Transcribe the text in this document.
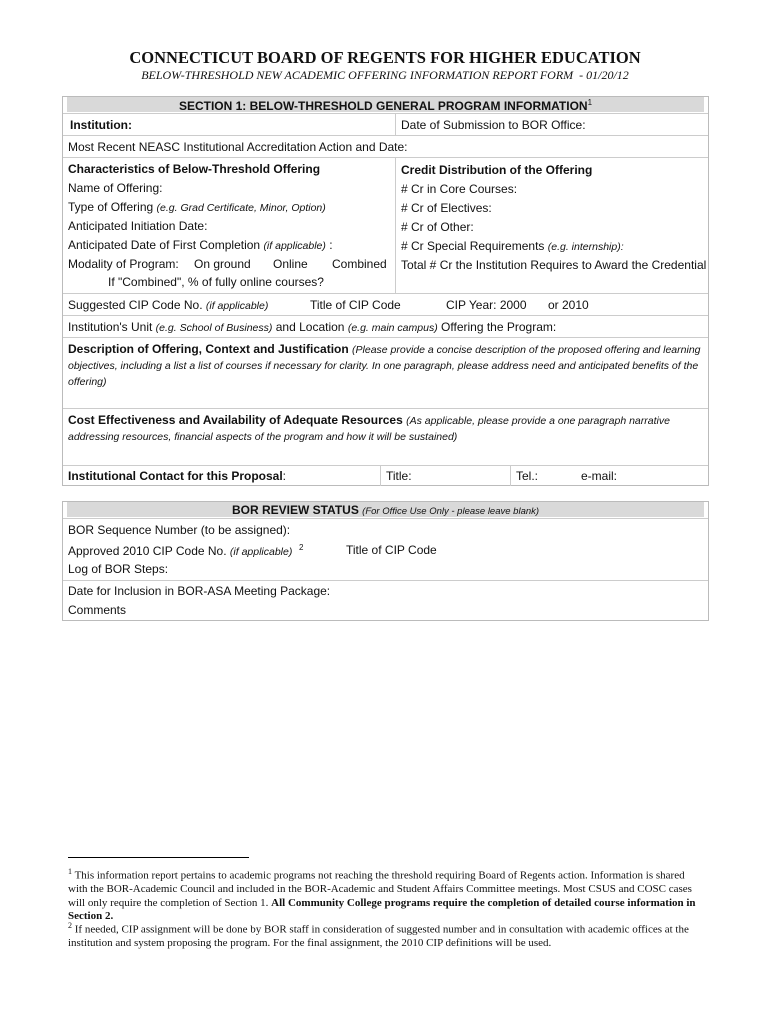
CONNECTICUT BOARD OF REGENTS FOR HIGHER EDUCATION
BELOW-THRESHOLD NEW ACADEMIC OFFERING INFORMATION REPORT FORM - 01/20/12
SECTION 1: BELOW-THRESHOLD GENERAL PROGRAM INFORMATION$^1$
Institution:	Date of Submission to BOR Office:
Most Recent NEASC Institutional Accreditation Action and Date:
Characteristics of Below-Threshold Offering
Name of Offering:
Type of Offering (e.g. Grad Certificate, Minor, Option)
Anticipated Initiation Date:
Anticipated Date of First Completion (if applicable) :
Modality of Program: On ground Online Combined
If "Combined", % of fully online courses?
Credit Distribution of the Offering
# Cr in Core Courses:
# Cr of Electives:
# Cr of Other:
# Cr Special Requirements (e.g. internship):
Total # Cr the Institution Requires to Award the Credential
Suggested CIP Code No. (if applicable)	Title of CIP Code	CIP Year: 2000 or 2010
Institution's Unit (e.g. School of Business) and Location (e.g. main campus) Offering the Program:
Description of Offering, Context and Justification (Please provide a concise description of the proposed offering and learning objectives, including a list a list of courses if necessary for clarity. In one paragraph, please address need and anticipated benefits of the offering)
Cost Effectiveness and Availability of Adequate Resources (As applicable, please provide a one paragraph narrative addressing resources, financial aspects of the program and how it will be sustained)
Institutional Contact for this Proposal:	Title:	Tel.:	e-mail:
BOR REVIEW STATUS (For Office Use Only - please leave blank)
BOR Sequence Number (to be assigned):
Approved 2010 CIP Code No. (if applicable) $^2$	Title of CIP Code
Log of BOR Steps:
Date for Inclusion in BOR-ASA Meeting Package:
Comments
$^1$ This information report pertains to academic programs not reaching the threshold requiring Board of Regents action. Information is shared with the BOR-Academic Council and included in the BOR-Academic and Student Affairs Committee meetings. Most CSUS and COSC cases will only require the completion of Section 1. All Community College programs require the completion of detailed course information in Section 2.
$^2$ If needed, CIP assignment will be done by BOR staff in consideration of suggested number and in consultation with academic offices at the institution and system proposing the program. For the final assignment, the 2010 CIP definitions will be used.
